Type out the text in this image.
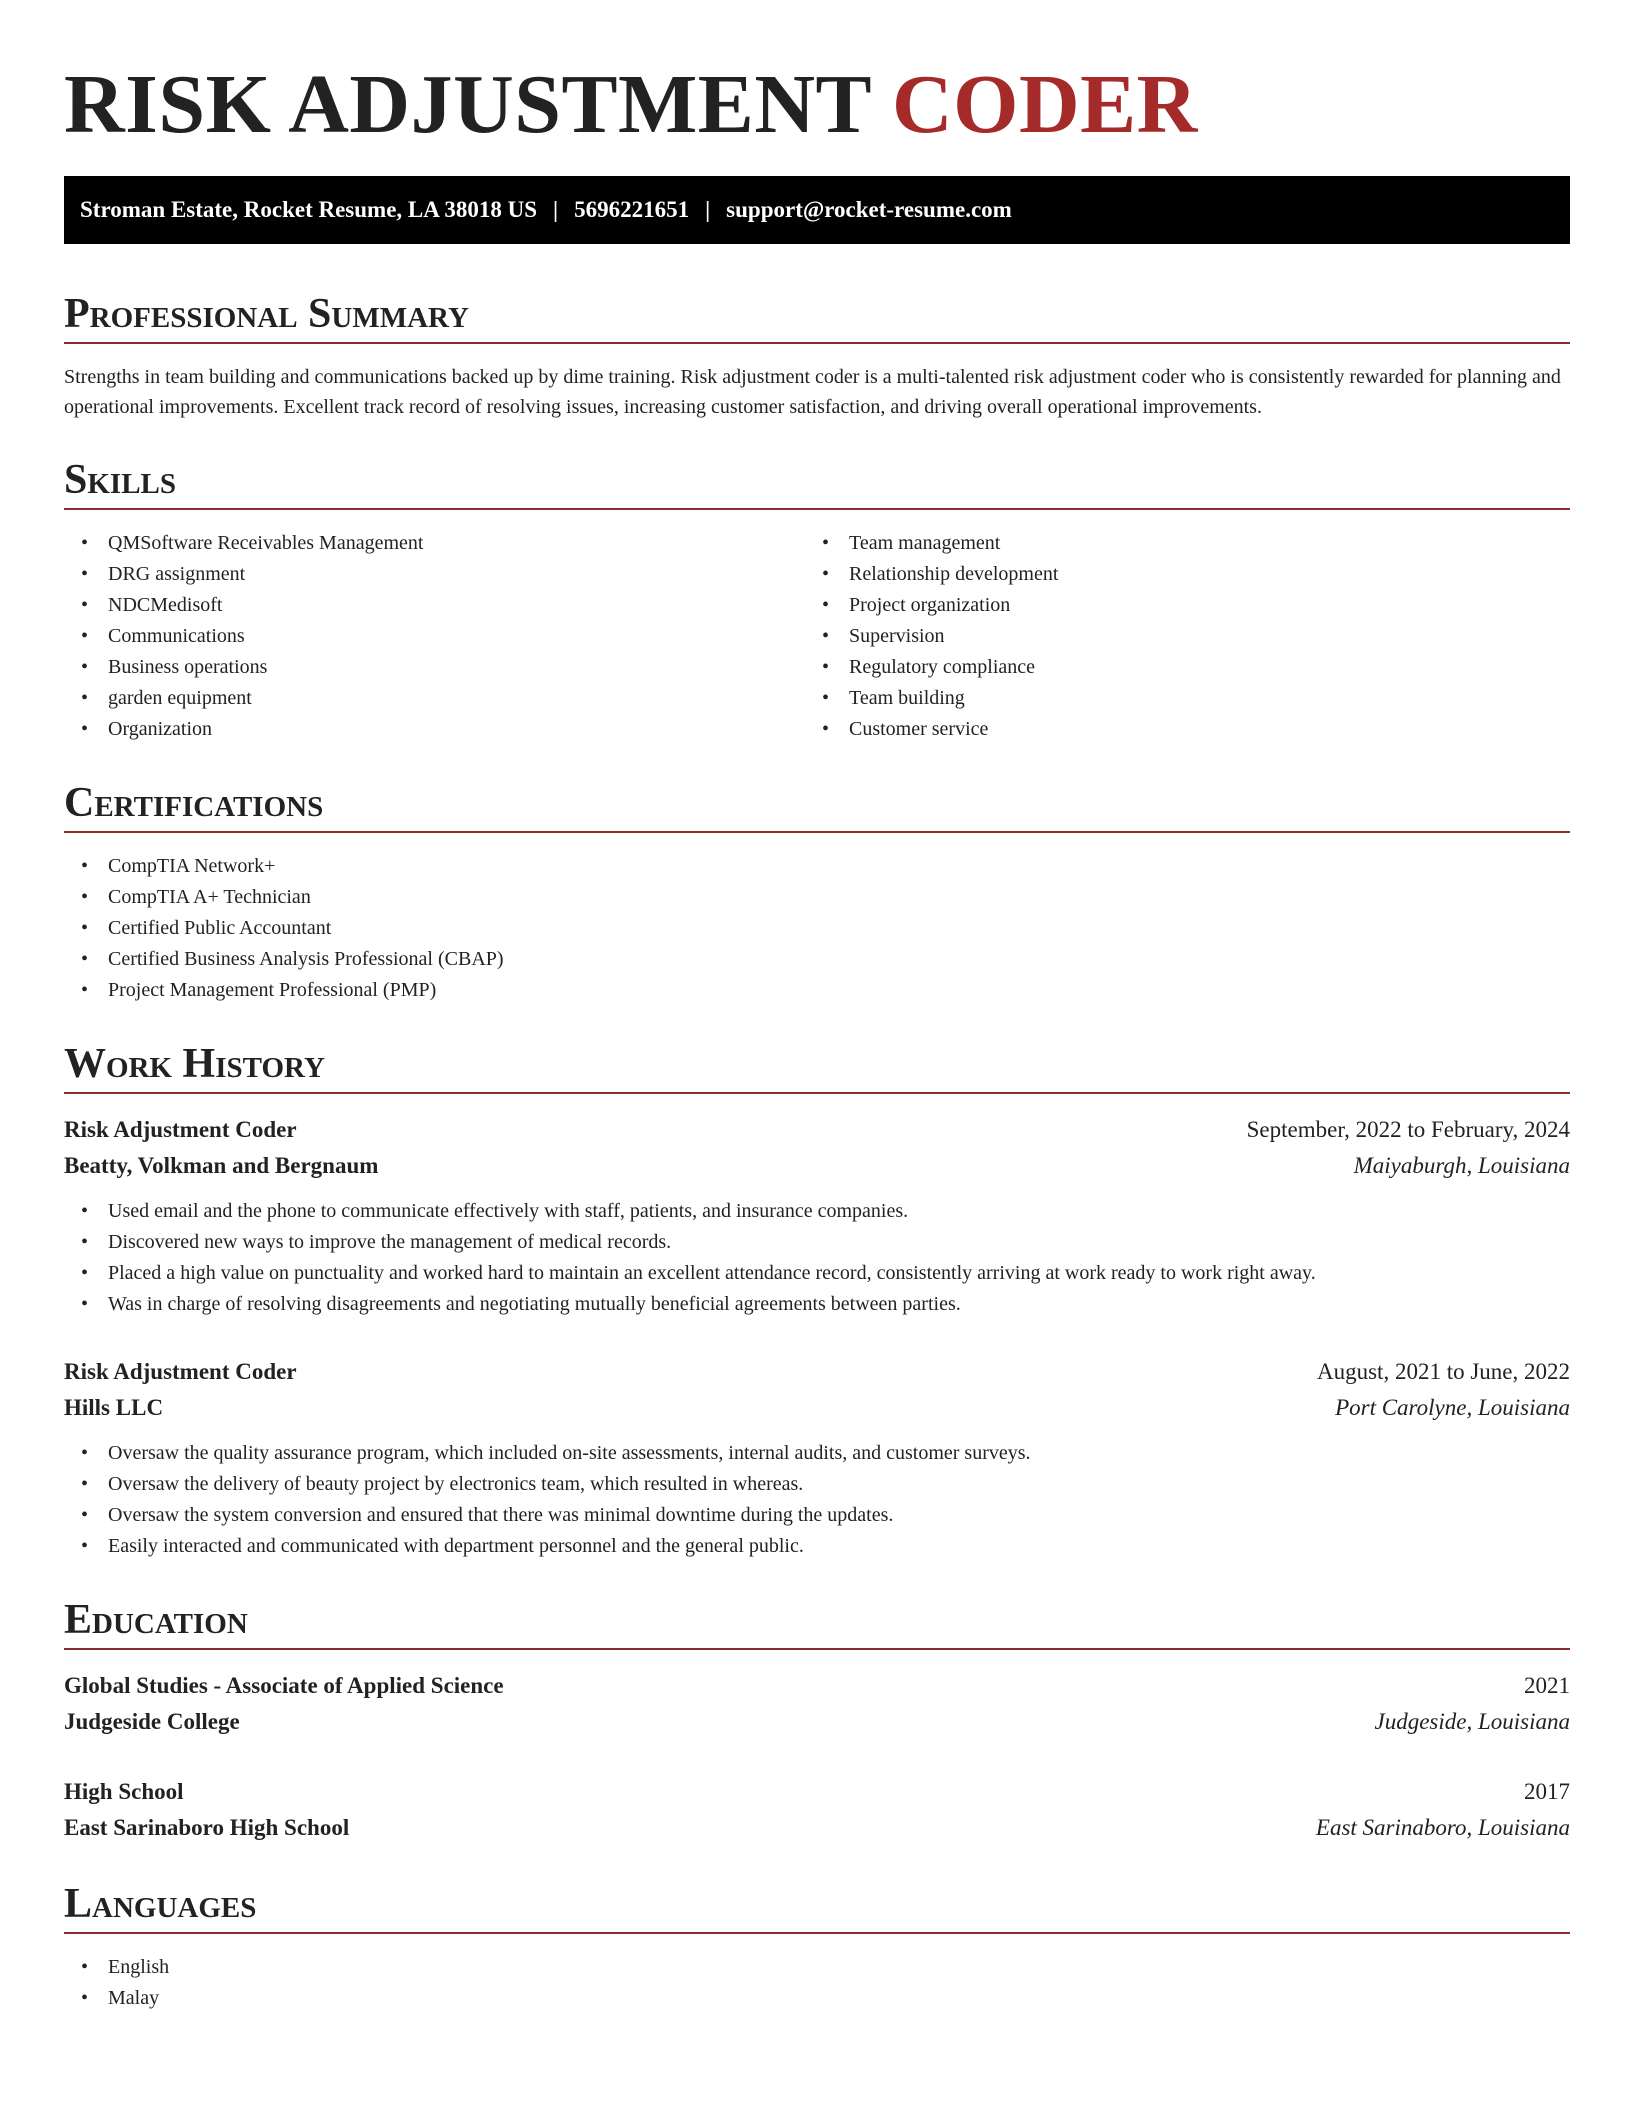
RISK ADJUSTMENT CODER
Stroman Estate, Rocket Resume, LA 38018 US | 5696221651 | support@rocket-resume.com
Professional Summary

Strengths in team building and communications backed up by dime training. Risk adjustment coder is a multi-talented risk adjustment coder who is consistently rewarded for planning and operational improvements. Excellent track record of resolving issues, increasing customer satisfaction, and driving overall operational improvements.

Skills
• QMSoftware Receivables Management
• DRG assignment
• NDCMedisoft
• Communications
• Business operations
• garden equipment
• Organization
• Team management
• Relationship development
• Project organization
• Supervision
• Regulatory compliance
• Team building
• Customer service
Certifications
• CompTIA Network+
• CompTIA A+ Technician
• Certified Public Accountant
• Certified Business Analysis Professional (CBAP)
• Project Management Professional (PMP)
Work History
Risk Adjustment Coder	September, 2022 to February, 2024
Beatty, Volkman and Bergnaum	Maiyaburgh, Louisiana
• Used email and the phone to communicate effectively with staff, patients, and insurance companies.
• Discovered new ways to improve the management of medical records.
• Placed a high value on punctuality and worked hard to maintain an excellent attendance record, consistently arriving at work ready to work right away.
• Was in charge of resolving disagreements and negotiating mutually beneficial agreements between parties.
Risk Adjustment Coder	August, 2021 to June, 2022
Hills LLC	Port Carolyne, Louisiana
• Oversaw the quality assurance program, which included on-site assessments, internal audits, and customer surveys.
• Oversaw the delivery of beauty project by electronics team, which resulted in whereas.
• Oversaw the system conversion and ensured that there was minimal downtime during the updates.
• Easily interacted and communicated with department personnel and the general public.
Education
Global Studies - Associate of Applied Science	2021
Judgeside College	Judgeside, Louisiana
High School	2017
East Sarinaboro High School	East Sarinaboro, Louisiana
Languages
• English
• Malay
